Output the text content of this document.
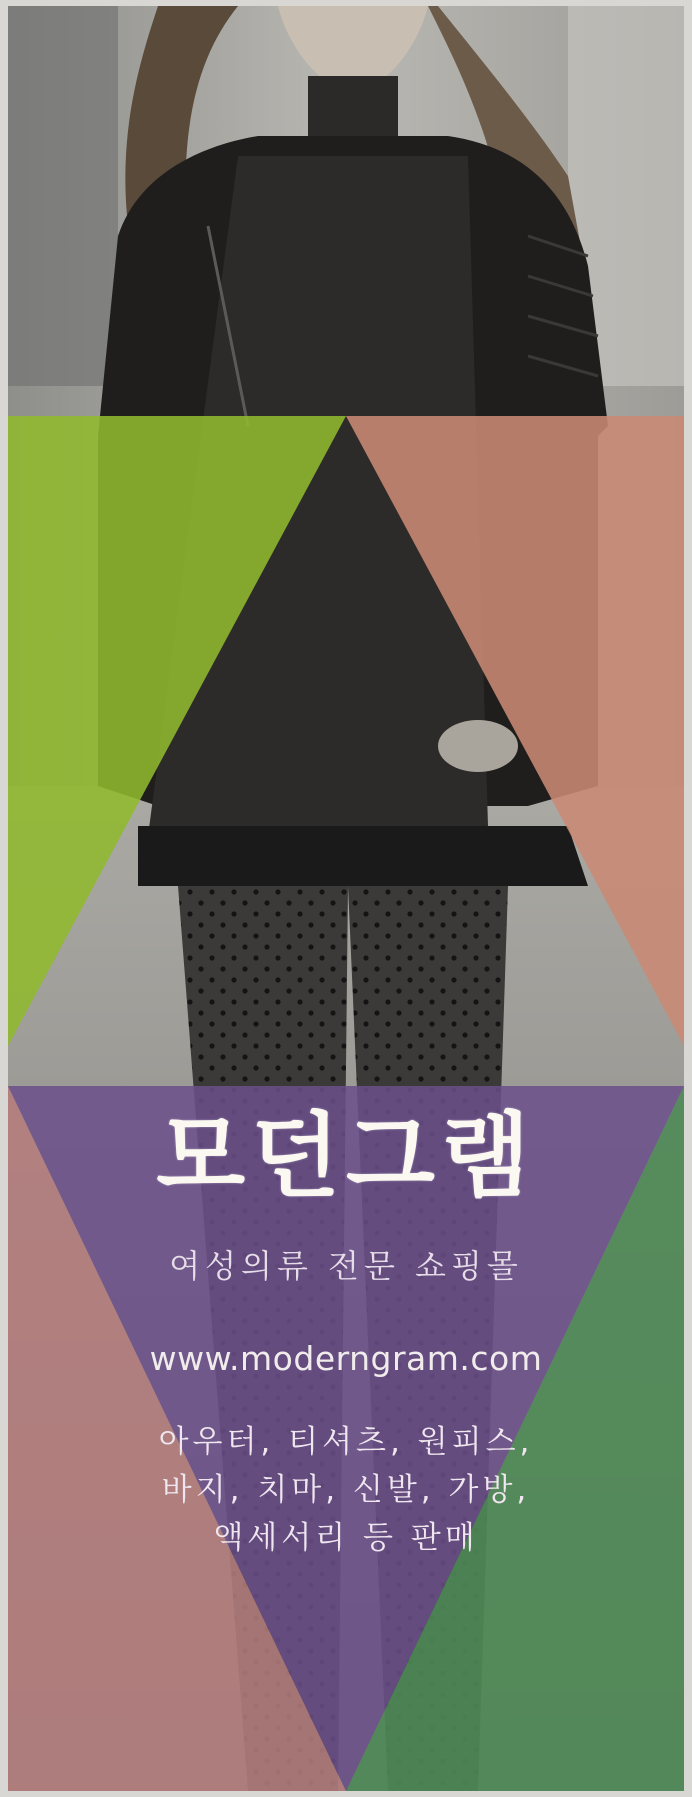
모던그램
여성의류 전문 쇼핑몰
www.moderngram.com
아우터, 티셔츠, 원피스,
바지, 치마, 신발, 가방,
액세서리 등 판매
